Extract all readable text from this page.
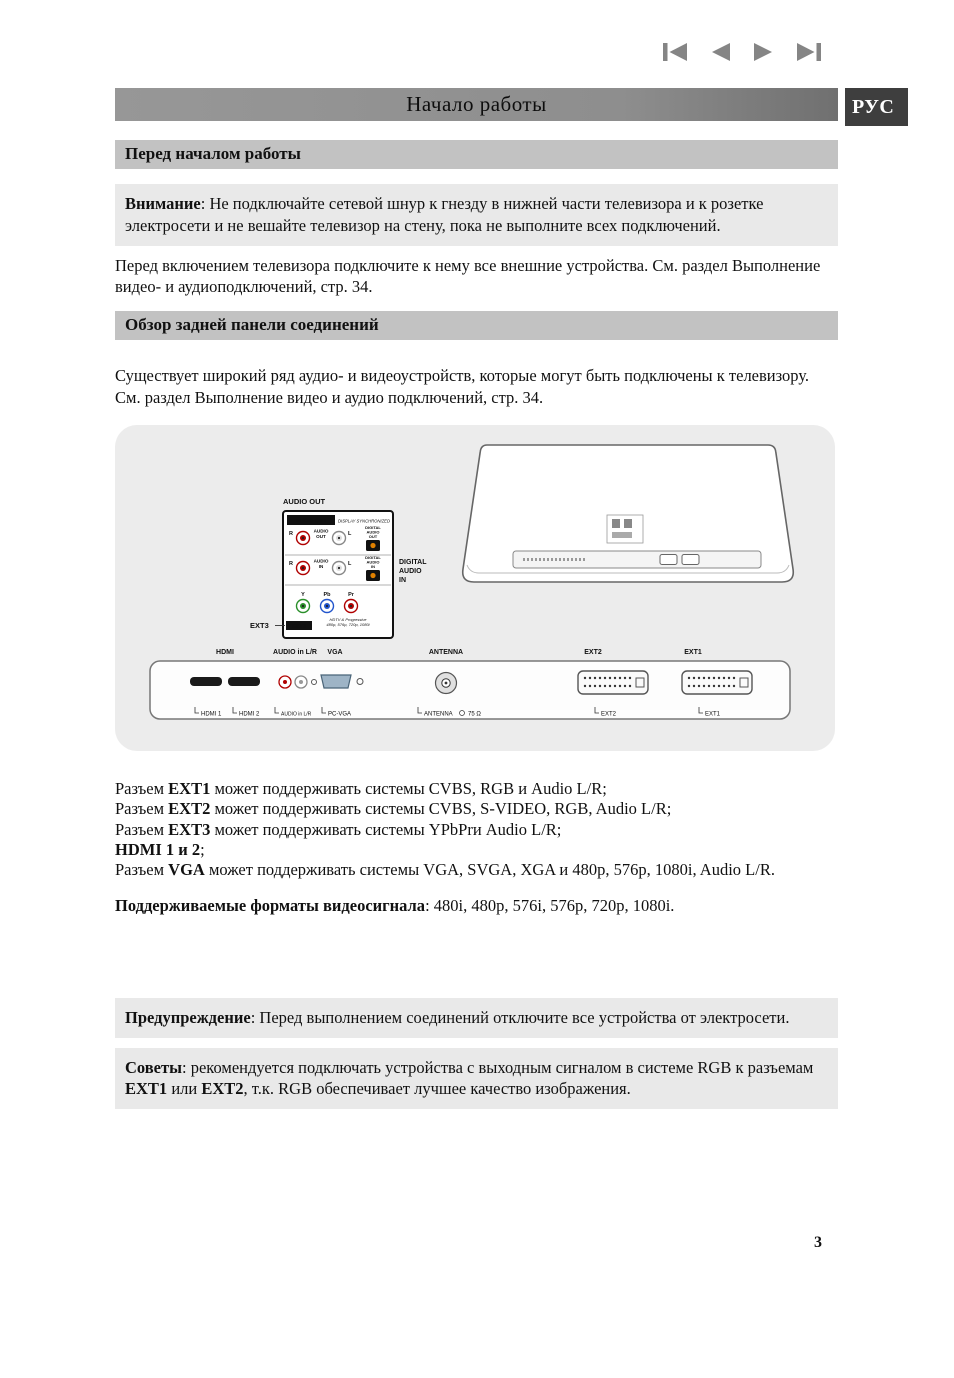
Начало работы	РУС
Перед началом работы
Внимание: Не подключайте сетевой шнур к гнезду в нижней части телевизора и к розетке электросети и не вешайте телевизор на стену, пока не выполните всех подключений.

Перед включением телевизора подключите к нему все внешние устройства. См. раздел Выполнение видео- и аудиоподключений, стр. 34.

Обзор задней панели соединений

Существует широкий ряд аудио- и видеоустройств, которые могут быть подключены к телевизору. См. раздел Выполнение видео и аудио подключений, стр. 34.

AUDIO OUT
AUDIO OUT	DISPLAY SYNCHRONIZED
R	AUDIO
OUT	L
DIGITAL
AUDIO
OUT
R	AUDIO
IN	L
DIGITAL
AUDIO
IN
Y	Pb	Pr
HDTV & Progressive
480p, 576p, 720p, 1080i
EXT3
DIGITAL
AUDIO
IN
EXT3
HDMI	AUDIO in L/R VGA	ANTENNA	EXT2	EXT1
HDMI 1	HDMI 2	AUDIO in L/R	PC-VGA	ANTENNA	75 Ω	EXT2	EXT1
Разъем EXT1 может поддерживать системы CVBS, RGB и Audio L/R;
Разъем EXT2 может поддерживать системы CVBS, S-VIDEO, RGB, Audio L/R;
Разъем EXT3 может поддерживать системы YPbPrи Audio L/R;
HDMI 1 и 2;
Разъем VGA может поддерживать системы VGA, SVGA, XGA и 480p, 576p, 1080i, Audio L/R.

Поддерживаемые форматы видеосигнала: 480i, 480p, 576i, 576p, 720p, 1080i.

Предупреждение: Перед выполнением соединений отключите все устройства от электросети.
Советы: рекомендуется подключать устройства с выходным сигналом в системе RGB к разъемам EXT1 или EXT2, т.к. RGB обеспечивает лучшее качество изображения.
3
